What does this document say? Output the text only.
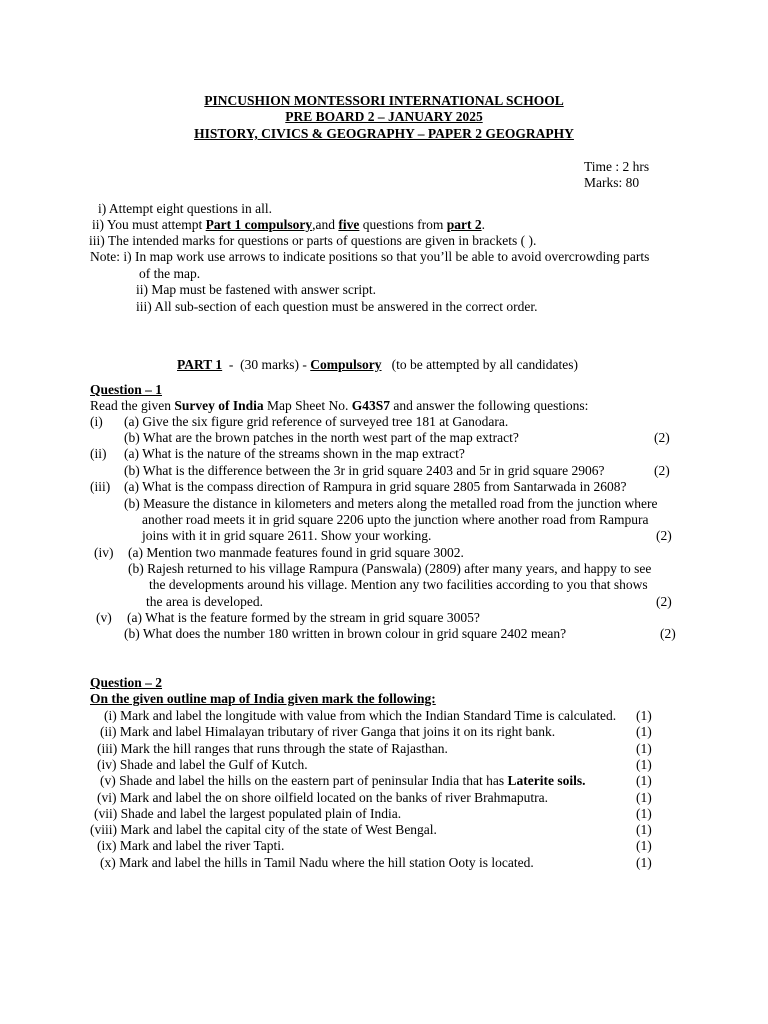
PINCUSHION MONTESSORI INTERNATIONAL SCHOOL
PRE BOARD 2 – JANUARY 2025
HISTORY, CIVICS & GEOGRAPHY – PAPER 2 GEOGRAPHY
Time : 2 hrs
Marks: 80
i) Attempt eight questions in all.
ii) You must attempt Part 1 compulsory,and five questions from part 2.
iii) The intended marks for questions or parts of questions are given in brackets ( ).
Note: i) In map work use arrows to indicate positions so that you’ll be able to avoid overcrowding parts
of the map.
ii) Map must be fastened with answer script.
iii) All sub-section of each question must be answered in the correct order.
PART 1  -  (30 marks) - Compulsory   (to be attempted by all candidates)
Question – 1
Read the given Survey of India Map Sheet No. G43S7 and answer the following questions:
(i) (a) Give the six figure grid reference of surveyed tree 181 at Ganodara.
(b) What are the brown patches in the north west part of the map extract?	(2)
(ii) (a) What is the nature of the streams shown in the map extract?
(b) What is the difference between the 3r in grid square 2403 and 5r in grid square 2906?	(2)
(iii) (a) What is the compass direction of Rampura in grid square 2805 from Santarwada in 2608?
(b) Measure the distance in kilometers and meters along the metalled road from the junction where
another road meets it in grid square 2206 upto the junction where another road from Rampura
joins with it in grid square 2611. Show your working.	(2)
(iv) (a) Mention two manmade features found in grid square 3002.
(b) Rajesh returned to his village Rampura (Panswala) (2809) after many years, and happy to see
the developments around his village. Mention any two facilities according to you that shows
the area is developed.	(2)
(v) (a) What is the feature formed by the stream in grid square 3005?
(b) What does the number 180 written in brown colour in grid square 2402 mean?	(2)
Question – 2
On the given outline map of India given mark the following:
(i) Mark and label the longitude with value from which the Indian Standard Time is calculated. (1)
(ii) Mark and label Himalayan tributary of river Ganga that joins it on its right bank.	(1)
(iii) Mark the hill ranges that runs through the state of Rajasthan.	(1)
(iv) Shade and label the Gulf of Kutch.	(1)
(v) Shade and label the hills on the eastern part of peninsular India that has Laterite soils.	(1)
(vi) Mark and label the on shore oilfield located on the banks of river Brahmaputra.	(1)
(vii) Shade and label the largest populated plain of India.	(1)
(viii) Mark and label the capital city of the state of West Bengal.	(1)
(ix) Mark and label the river Tapti.	(1)
(x) Mark and label the hills in Tamil Nadu where the hill station Ooty is located.	(1)
